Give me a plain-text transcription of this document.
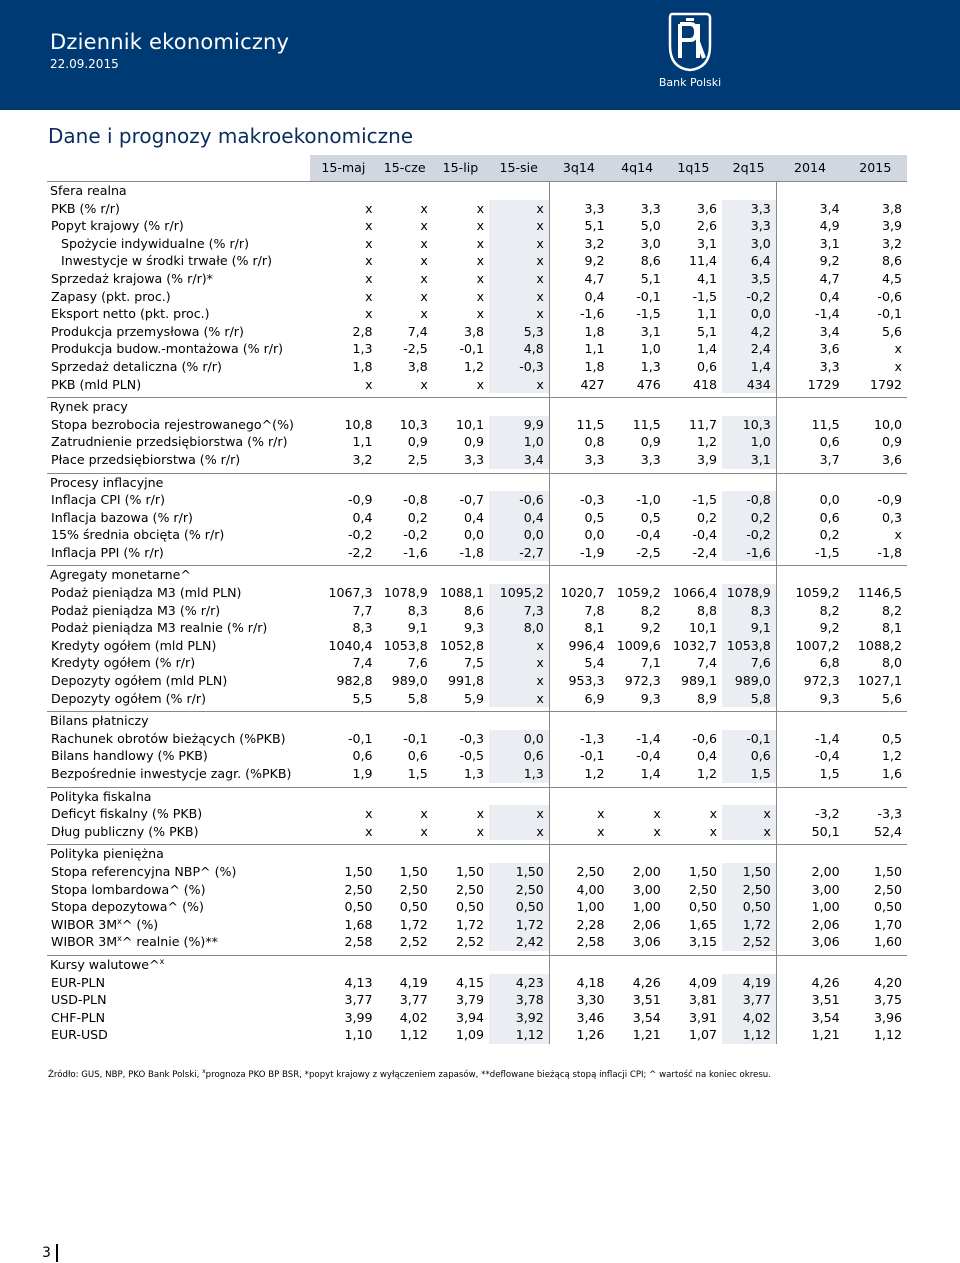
Dziennik ekonomiczny
22.09.2015
Bank Polski
Dane i prognozy makroekonomiczne
	15-maj	15-cze	15-lip	15-sie	3q14	4q14	1q15	2q15	2014	2015
Sfera realna										
PKB (% r/r)	x	x	x	x	3,3	3,3	3,6	3,3	3,4	3,8
Popyt krajowy (% r/r)	x	x	x	x	5,1	5,0	2,6	3,3	4,9	3,9
Spożycie indywidualne (% r/r)	x	x	x	x	3,2	3,0	3,1	3,0	3,1	3,2
Inwestycje w środki trwałe (% r/r)	x	x	x	x	9,2	8,6	11,4	6,4	9,2	8,6
Sprzedaż krajowa (% r/r)*	x	x	x	x	4,7	5,1	4,1	3,5	4,7	4,5
Zapasy (pkt. proc.)	x	x	x	x	0,4	-0,1	-1,5	-0,2	0,4	-0,6
Eksport netto (pkt. proc.)	x	x	x	x	-1,6	-1,5	1,1	0,0	-1,4	-0,1
Produkcja przemysłowa (% r/r)	2,8	7,4	3,8	5,3	1,8	3,1	5,1	4,2	3,4	5,6
Produkcja budow.-montażowa (% r/r)	1,3	-2,5	-0,1	4,8	1,1	1,0	1,4	2,4	3,6	x
Sprzedaż detaliczna (% r/r)	1,8	3,8	1,2	-0,3	1,8	1,3	0,6	1,4	3,3	x
PKB (mld PLN)	x	x	x	x	427	476	418	434	1729	1792

Rynek pracy										
Stopa bezrobocia rejestrowanego^(%)	10,8	10,3	10,1	9,9	11,5	11,5	11,7	10,3	11,5	10,0
Zatrudnienie przedsiębiorstwa (% r/r)	1,1	0,9	0,9	1,0	0,8	0,9	1,2	1,0	0,6	0,9
Płace przedsiębiorstwa (% r/r)	3,2	2,5	3,3	3,4	3,3	3,3	3,9	3,1	3,7	3,6

Procesy inflacyjne										
Inflacja CPI (% r/r)	-0,9	-0,8	-0,7	-0,6	-0,3	-1,0	-1,5	-0,8	0,0	-0,9
Inflacja bazowa (% r/r)	0,4	0,2	0,4	0,4	0,5	0,5	0,2	0,2	0,6	0,3
15% średnia obcięta (% r/r)	-0,2	-0,2	0,0	0,0	0,0	-0,4	-0,4	-0,2	0,2	x
Inflacja PPI (% r/r)	-2,2	-1,6	-1,8	-2,7	-1,9	-2,5	-2,4	-1,6	-1,5	-1,8

Agregaty monetarne^										
Podaż pieniądza M3 (mld PLN)	1067,3	1078,9	1088,1	1095,2	1020,7	1059,2	1066,4	1078,9	1059,2	1146,5
Podaż pieniądza M3 (% r/r)	7,7	8,3	8,6	7,3	7,8	8,2	8,8	8,3	8,2	8,2
Podaż pieniądza M3 realnie (% r/r)	8,3	9,1	9,3	8,0	8,1	9,2	10,1	9,1	9,2	8,1
Kredyty ogółem (mld PLN)	1040,4	1053,8	1052,8	x	996,4	1009,6	1032,7	1053,8	1007,2	1088,2
Kredyty ogółem (% r/r)	7,4	7,6	7,5	x	5,4	7,1	7,4	7,6	6,8	8,0
Depozyty ogółem (mld PLN)	982,8	989,0	991,8	x	953,3	972,3	989,1	989,0	972,3	1027,1
Depozyty ogółem (% r/r)	5,5	5,8	5,9	x	6,9	9,3	8,9	5,8	9,3	5,6

Bilans płatniczy										
Rachunek obrotów bieżących (%PKB)	-0,1	-0,1	-0,3	0,0	-1,3	-1,4	-0,6	-0,1	-1,4	0,5
Bilans handlowy (% PKB)	0,6	0,6	-0,5	0,6	-0,1	-0,4	0,4	0,6	-0,4	1,2
Bezpośrednie inwestycje zagr. (%PKB)	1,9	1,5	1,3	1,3	1,2	1,4	1,2	1,5	1,5	1,6

Polityka fiskalna										
Deficyt fiskalny (% PKB)	x	x	x	x	x	x	x	x	-3,2	-3,3
Dług publiczny (% PKB)	x	x	x	x	x	x	x	x	50,1	52,4

Polityka pieniężna										
Stopa referencyjna NBP^ (%)	1,50	1,50	1,50	1,50	2,50	2,00	1,50	1,50	2,00	1,50
Stopa lombardowa^ (%)	2,50	2,50	2,50	2,50	4,00	3,00	2,50	2,50	3,00	2,50
Stopa depozytowa^ (%)	0,50	0,50	0,50	0,50	1,00	1,00	0,50	0,50	1,00	0,50
WIBOR $3M^x\^{}$ (%)	1,68	1,72	1,72	1,72	2,28	2,06	1,65	1,72	2,06	1,70
WIBOR $3M^x\^{}$ realnie (%)**	2,58	2,52	2,52	2,42	2,58	3,06	3,15	2,52	3,06	1,60

Kursy walutowe^$^x$										
EUR-PLN	4,13	4,19	4,15	4,23	4,18	4,26	4,09	4,19	4,26	4,20
USD-PLN	3,77	3,77	3,79	3,78	3,30	3,51	3,81	3,77	3,51	3,75
CHF-PLN	3,99	4,02	3,94	3,92	3,46	3,54	3,91	4,02	3,54	3,96
EUR-USD	1,10	1,12	1,09	1,12	1,26	1,21	1,07	1,12	1,21	1,12
Źródło: GUS, NBP, PKO Bank Polski, $^x$prognoza PKO BP BSR, *popyt krajowy z wyłączeniem zapasów, **deflowane bieżącą stopą inflacji CPI; ^ wartość na koniec okresu.
3
